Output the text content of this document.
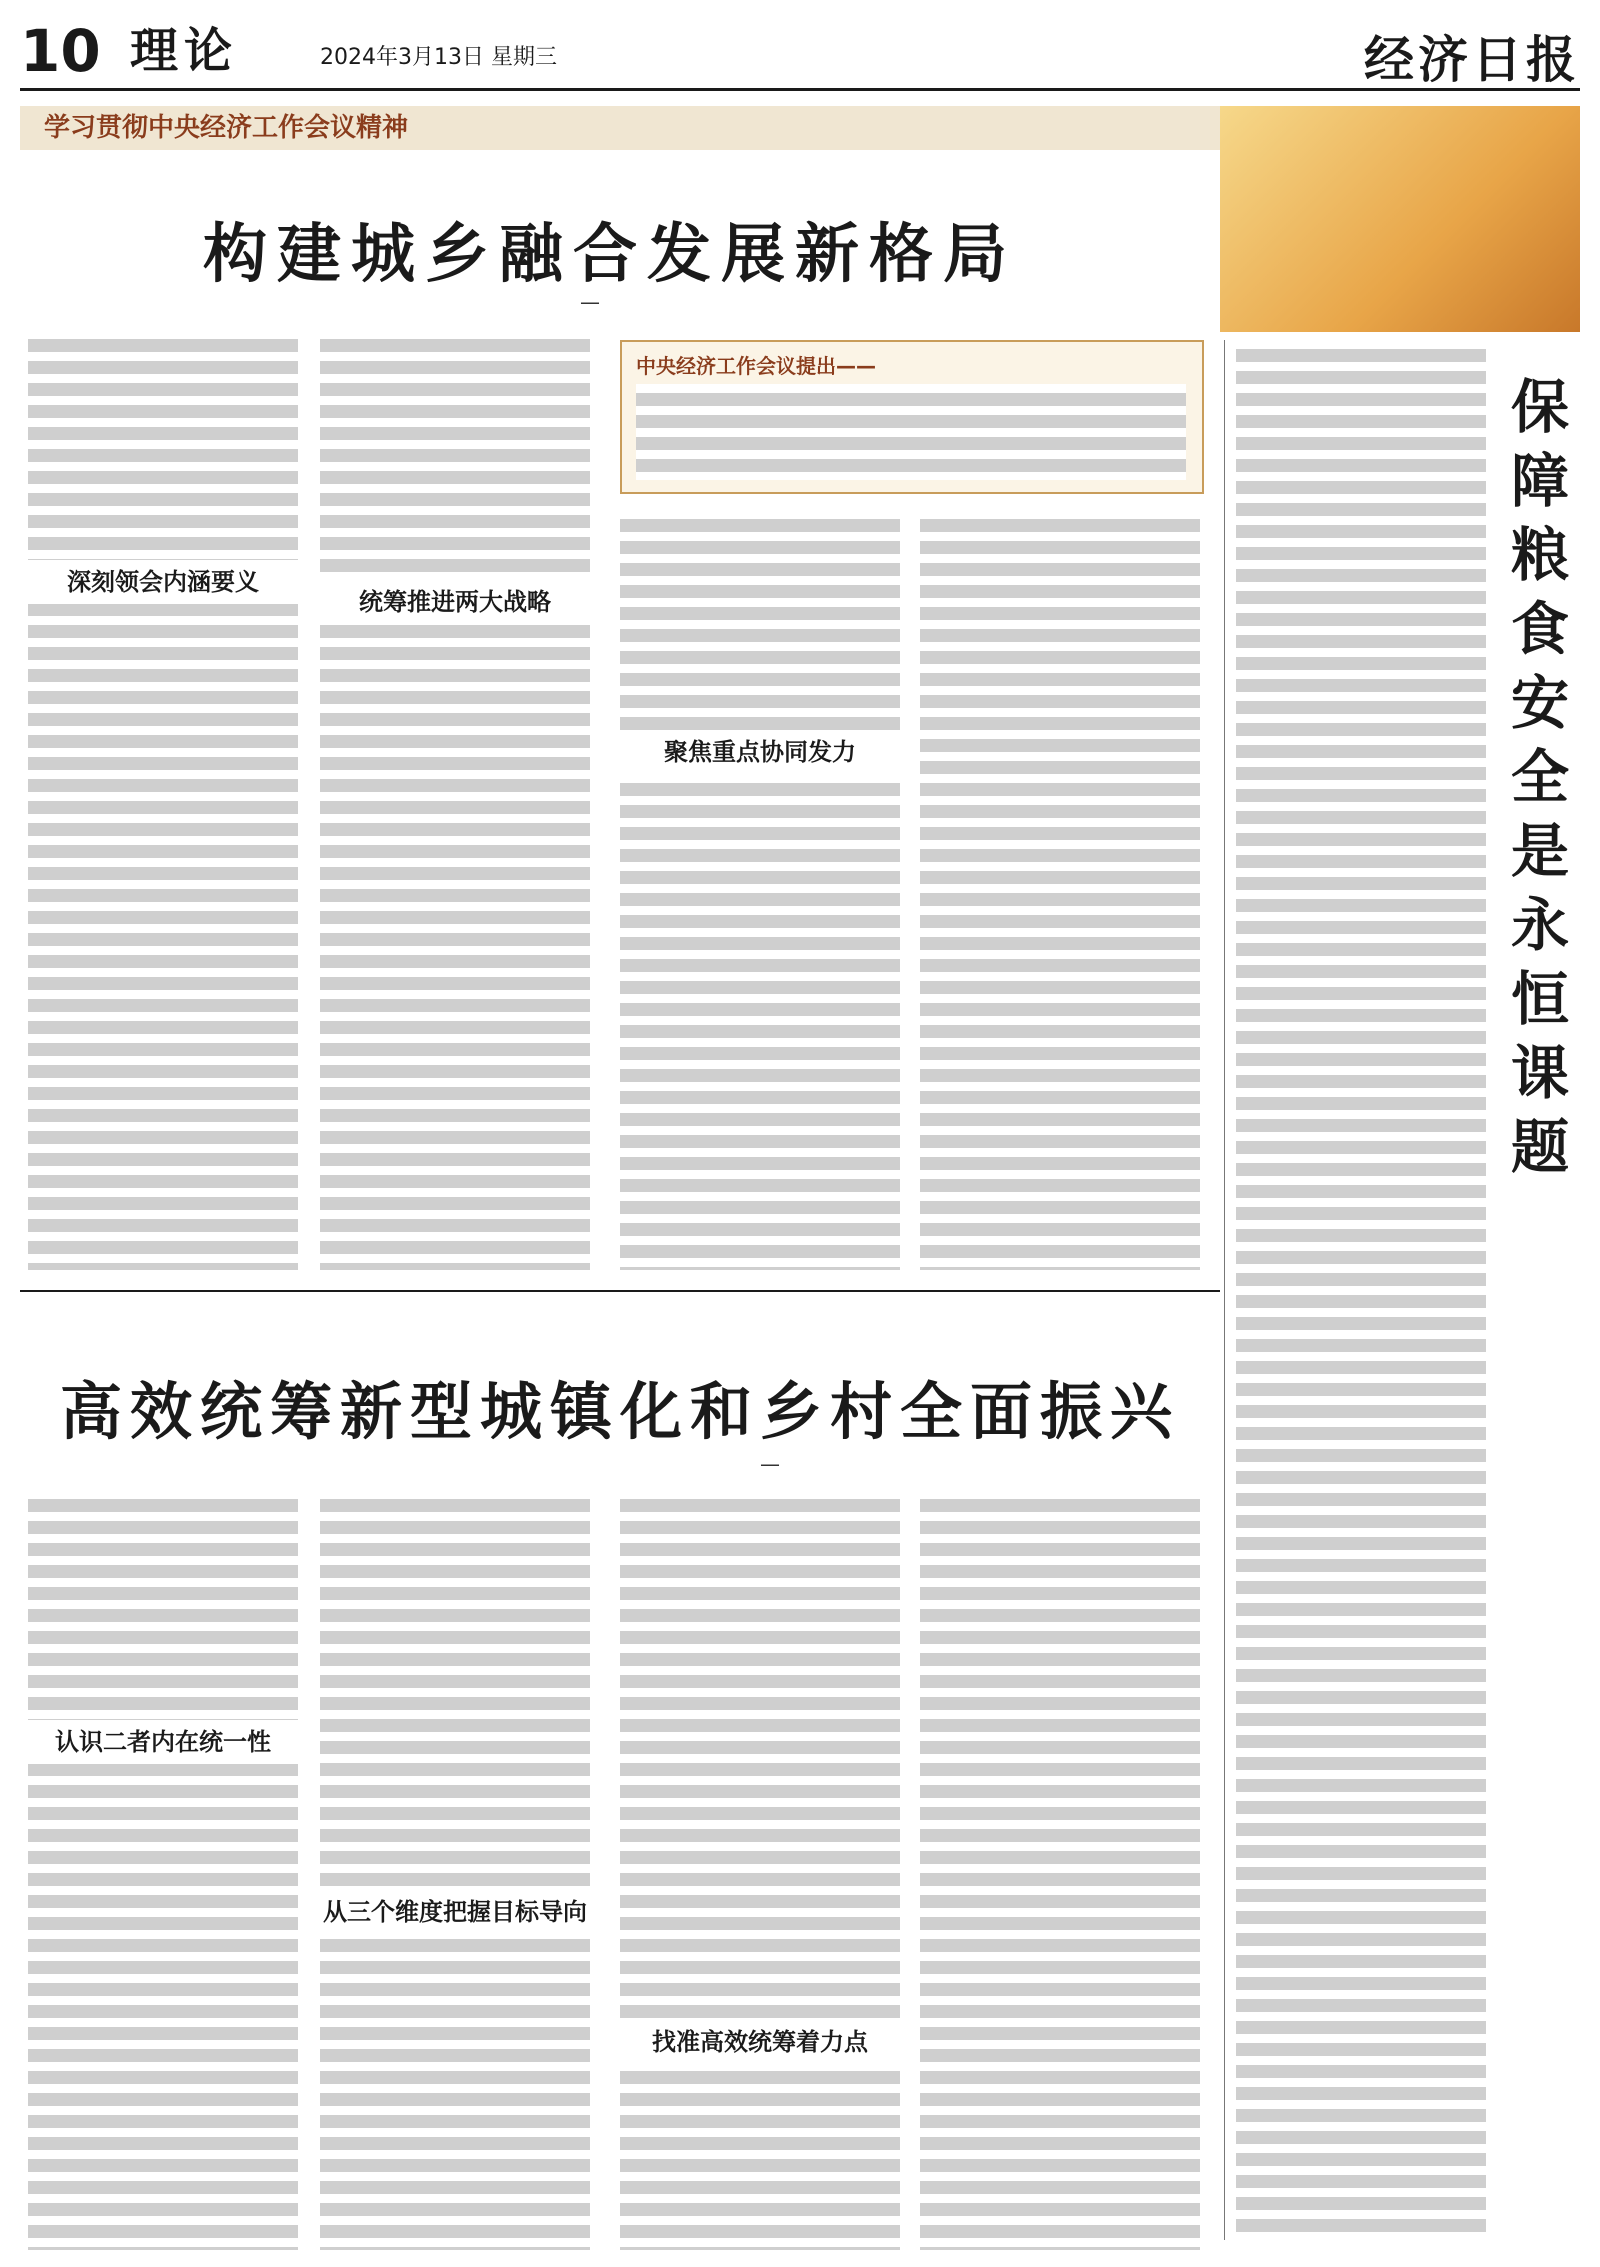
10 理论	2024年3月13日 星期三	经济日报
学习贯彻中央经济工作会议精神
构建城乡融合发展新格局
—
中央经济工作会议提出——
深刻领会内涵要义
统筹推进两大战略
聚焦重点协同发力
高效统筹新型城镇化和乡村全面振兴
—
认识二者内在统一性
从三个维度把握目标导向
找准高效统筹着力点
保障粮食安全是永恒课题
